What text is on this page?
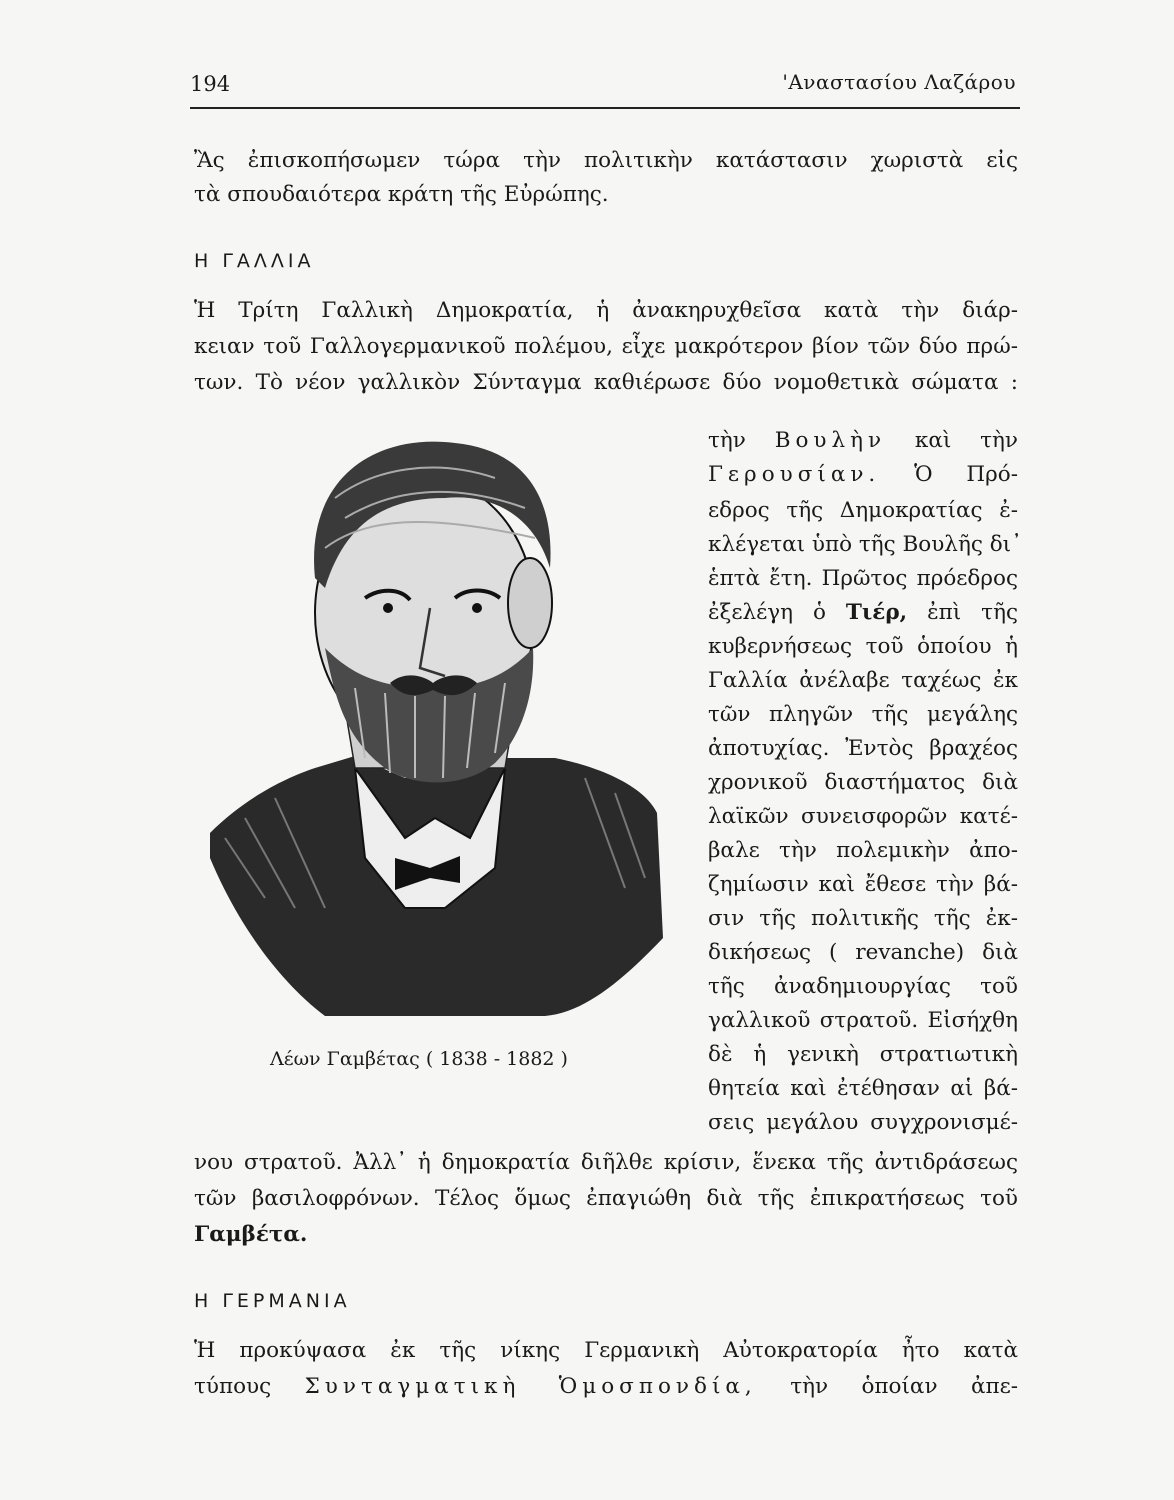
194	'Αναστασίου Λαζάρου
Ἂς ἐπισκοπήσωμεν τώρα τὴν πολιτικὴν κατάστασιν χωριστὰ εἰς
τὰ σπουδαιότερα κράτη τῆς Εὐρώπης.
Η ΓΑΛΛΙΑ
Ἡ Τρίτη Γαλλικὴ Δημοκρατία, ἡ ἀνακηρυχθεῖσα κατὰ τὴν διάρ-
κειαν τοῦ Γαλλογερμανικοῦ πολέμου, εἶχε μακρότερον βίον τῶν δύο πρώ-
των. Τὸ νέον γαλλικὸν Σύνταγμα καθιέρωσε δύο νομοθετικὰ σώματα :
τὴν Βουλὴν καὶ τὴν
Γερουσίαν. Ὁ Πρό-
εδρος τῆς Δημοκρατίας ἐ-
κλέγεται ὑπὸ τῆς Βουλῆς δι᾽
ἑπτὰ ἔτη. Πρῶτος πρόεδρος
ἐξελέγη ὁ Τιέρ, ἐπὶ τῆς
κυβερνήσεως τοῦ ὁποίου ἡ
Γαλλία ἀνέλαβε ταχέως ἐκ
τῶν πληγῶν τῆς μεγάλης
ἀποτυχίας. Ἐντὸς βραχέος
χρονικοῦ διαστήματος διὰ
λαϊκῶν συνεισφορῶν κατέ-
βαλε τὴν πολεμικὴν ἀπο-
ζημίωσιν καὶ ἔθεσε τὴν βά-
σιν τῆς πολιτικῆς τῆς ἐκ-
δικήσεως ( revanche) διὰ
τῆς ἀναδημιουργίας τοῦ
γαλλικοῦ στρατοῦ. Εἰσήχθη
δὲ ἡ γενικὴ στρατιωτικὴ
θητεία καὶ ἐτέθησαν αἱ βά-
σεις μεγάλου συγχρονισμέ-
Λέων Γαμβέτας ( 1838 - 1882 )
νου στρατοῦ. Ἀλλ᾽ ἡ δημοκρατία διῆλθε κρίσιν, ἕνεκα τῆς ἀντιδράσεως
τῶν βασιλοφρόνων. Τέλος ὅμως ἐπαγιώθη διὰ τῆς ἐπικρατήσεως τοῦ
Γαμβέτα.
Η ΓΕΡΜΑΝΙΑ
Ἡ προκύψασα ἐκ τῆς νίκης Γερμανικὴ Αὐτοκρατορία ἦτο κατὰ
τύπους Συνταγματικὴ Ὁμοσπονδία, τὴν ὁποίαν ἀπε-
